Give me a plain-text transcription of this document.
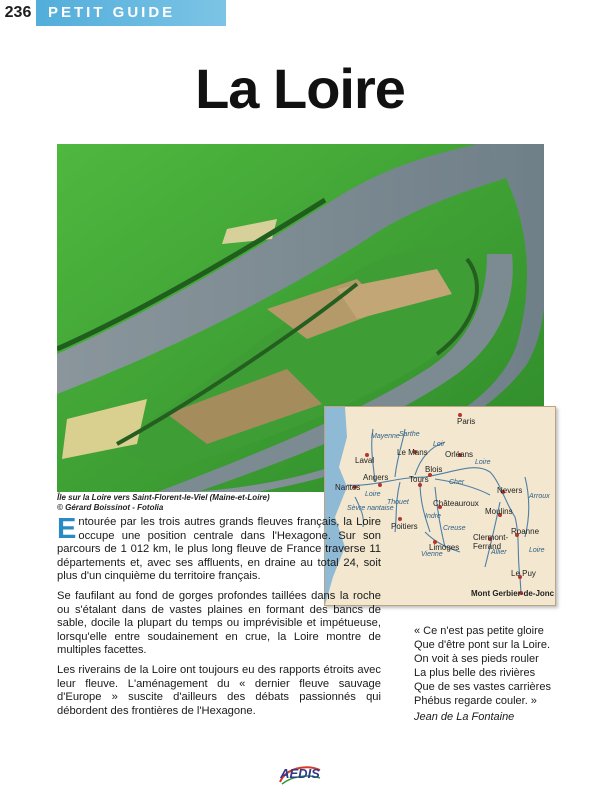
236	PETIT GUIDE
La Loire
Paris
Laval
Le Mans Orléans
Angers
Blois
Tours
Nantes	Nevers
Châteauroux
Moulins
Poitiers
Roanne
Limoges
Clermont-
Ferrand
Le Puy
Mont Gerbier-de-Jonc
Mayenne Sarthe
Loir
Loire
Loire
Cher
Thouet
Indre
Sèvre nantaise
Creuse
Vienne	Allier
Arroux
Loire
Île sur la Loire vers Saint-Florent-le-Viel (Maine-et-Loire)
© Gérard Boissinot - Fotolia

Entourée par les trois autres grands fleuves français, la Loire occupe une position centrale dans l'Hexagone. Sur son parcours de 1 012 km, le plus long fleuve de France traverse 11 départements et, avec ses affluents, en draine au total 24, soit plus d'un cinquième du territoire français.

Se faufilant au fond de gorges profondes taillées dans la roche ou s'étalant dans de vastes plaines en formant des bancs de sable, docile la plupart du temps ou imprévisible et impétueuse, lorsqu'elle entre soudainement en crue, la Loire montre de multiples facettes.

Les riverains de la Loire ont toujours eu des rapports étroits avec leur fleuve. L'aménagement du « dernier fleuve sauvage d'Europe » suscite d'ailleurs des débats passionnés qui débordent des frontières de l'Hexagone.

« Ce n'est pas petite gloire
Que d'être pont sur la Loire.
On voit à ses pieds rouler
La plus belle des rivières
Que de ses vastes carrières
Phébus regarde couler. »
Jean de La Fontaine
AEDIS
